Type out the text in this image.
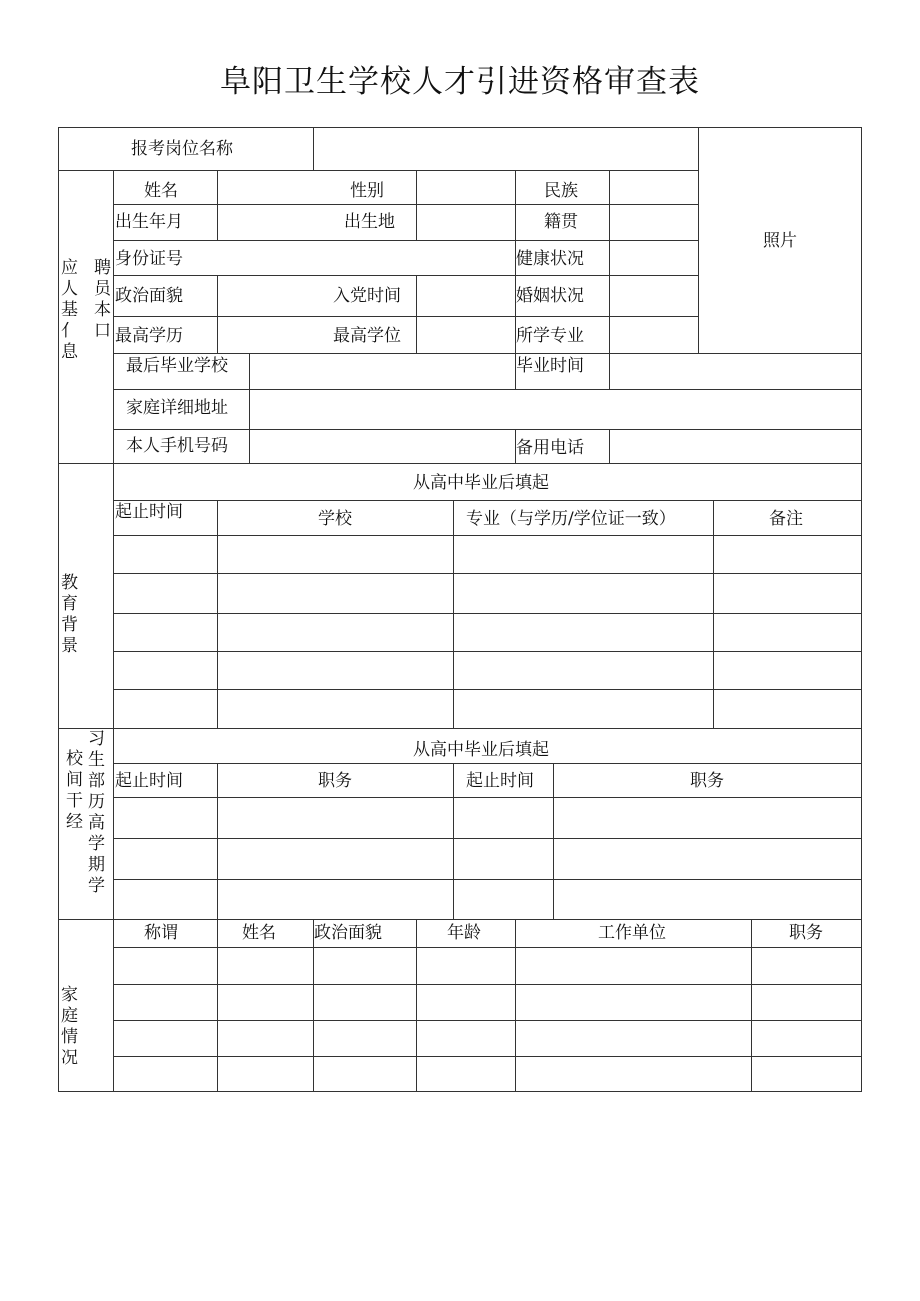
阜阳卫生学校人才引进资格审查表
报考岗位名称
照片
应人基亻息
聘员本口
姓名	性别	民族
出生年月	出生地	籍贯
身份证号	健康状况
政治面貌	入党时间	婚姻状况
最高学历	最高学位	所学专业
最后毕业学校	毕业时间
家庭详细地址
本人手机号码	备用电话
教育背景
从高中毕业后填起
起止时间	学校	专业（与学历/学位证一致）	备注
校间干经
习生部历高学期学
从高中毕业后填起
起止时间	职务	起止时间	职务
家庭情况
称谓	姓名 政治面貌	年龄	工作单位	职务
